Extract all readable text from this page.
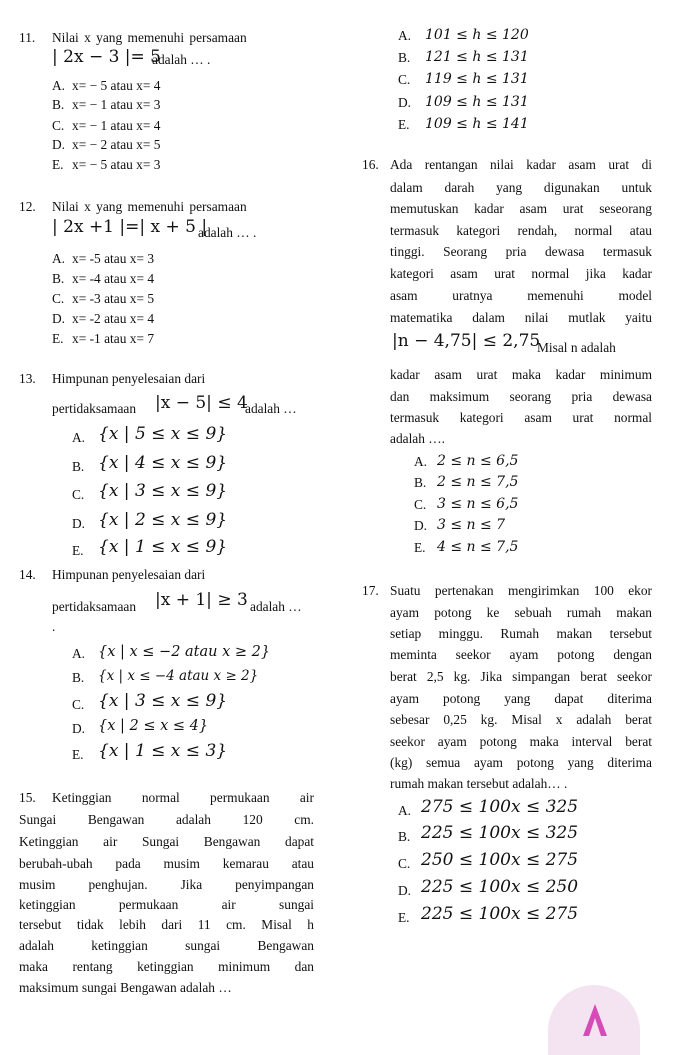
11. Nilai x yang memenuhi persamaan
| 2x − 3 |= 5
adalah … .
A. x= − 5 atau x= 4
B. x= − 1 atau x= 3
C. x= − 1 atau x= 4
D. x= − 2 atau x= 5
E. x= − 5 atau x= 3
12. Nilai x yang memenuhi persamaan
| 2x +1 |=| x + 5 |
adalah … .
A. x= -5 atau x= 3
B. x= -4 atau x= 4
C. x= -3 atau x= 5
D. x= -2 atau x= 4
E. x= -1 atau x= 7
13. Himpunan penyelesaian dari
pertidaksamaan |x − 5| ≤ 4
adalah …
A. {x | 5 ≤ x ≤ 9}
B. {x | 4 ≤ x ≤ 9}
C. {x | 3 ≤ x ≤ 9}
D. {x | 2 ≤ x ≤ 9}
E. {x | 1 ≤ x ≤ 9}
14. Himpunan penyelesaian dari
pertidaksamaan |x + 1| ≥ 3 adalah …
.
A. {x | x ≤ −2 atau x ≥ 2}
B. {x | x ≤ −4 atau x ≥ 2}
C. {x | 3 ≤ x ≤ 9}
D. {x | 2 ≤ x ≤ 4}
E. {x | 1 ≤ x ≤ 3}
15. Ketinggian normal permukaan air
Sungai Bengawan adalah 120 cm.
Ketinggian air Sungai Bengawan dapat
berubah-ubah pada musim kemarau atau
musim penghujan. Jika penyimpangan
ketinggian permukaan air sungai
tersebut tidak lebih dari 11 cm. Misal h
adalah ketinggian sungai Bengawan
maka rentang ketinggian minimum dan
maksimum sungai Bengawan adalah …
A. 101 ≤ h ≤ 120
B. 121 ≤ h ≤ 131
C. 119 ≤ h ≤ 131
D. 109 ≤ h ≤ 131
E. 109 ≤ h ≤ 141
16. Ada rentangan nilai kadar asam urat di
dalam darah yang digunakan untuk
memutuskan kadar asam urat seseorang
termasuk kategori rendah, normal atau
tinggi. Seorang pria dewasa termasuk
kategori asam urat normal jika kadar
asam uratnya memenuhi model
matematika dalam nilai mutlak yaitu
|n − 4,75| ≤ 2,75
Misal n adalah
kadar asam urat maka kadar minimum
dan maksimum seorang pria dewasa
termasuk kategori asam urat normal
adalah ….
A. 2 ≤ n ≤ 6,5
B. 2 ≤ n ≤ 7,5
C. 3 ≤ n ≤ 6,5
D. 3 ≤ n ≤ 7
E. 4 ≤ n ≤ 7,5
17. Suatu pertenakan mengirimkan 100 ekor
ayam potong ke sebuah rumah makan
setiap minggu. Rumah makan tersebut
meminta seekor ayam potong dengan
berat 2,5 kg. Jika simpangan berat seekor
ayam potong yang dapat diterima
sebesar 0,25 kg. Misal x adalah berat
seekor ayam potong maka interval berat
(kg) semua ayam potong yang diterima
rumah makan tersebut adalah… .
A. 275 ≤ 100x ≤ 325
B. 225 ≤ 100x ≤ 325
C. 250 ≤ 100x ≤ 275
D. 225 ≤ 100x ≤ 250
E. 225 ≤ 100x ≤ 275
